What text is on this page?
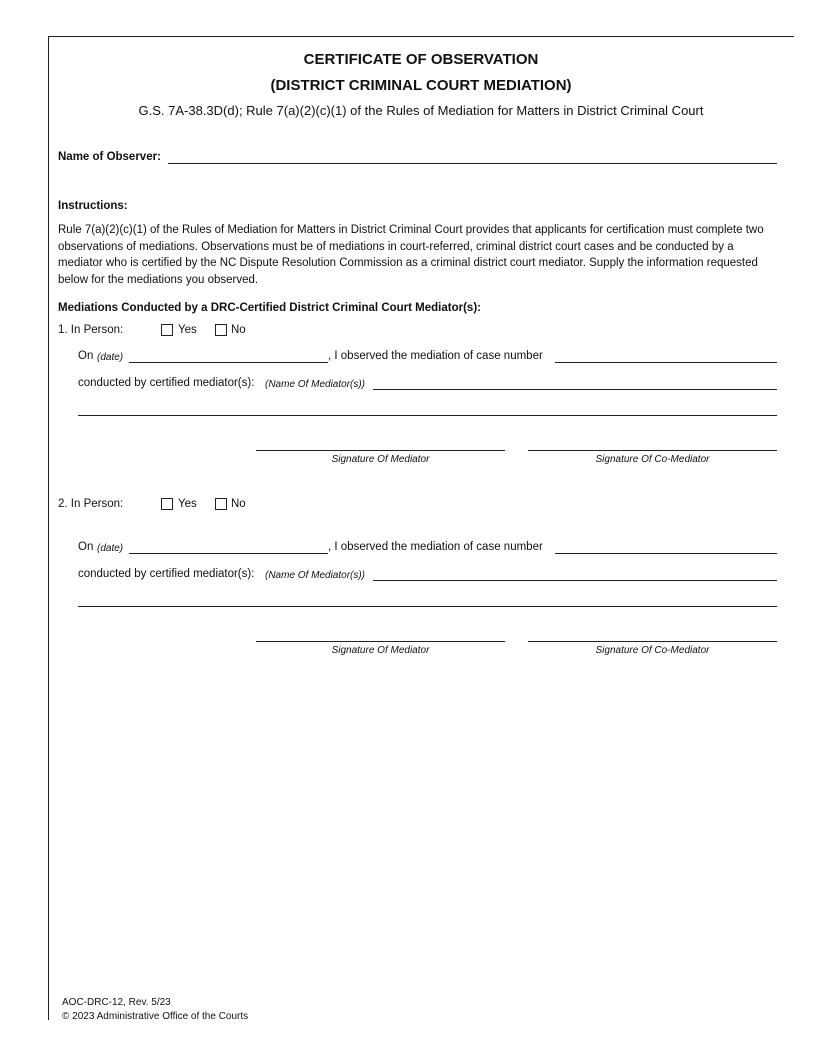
CERTIFICATE OF OBSERVATION
(DISTRICT CRIMINAL COURT MEDIATION)
G.S. 7A-38.3D(d); Rule 7(a)(2)(c)(1) of the Rules of Mediation for Matters in District Criminal Court
Name of Observer:
Instructions:
Rule 7(a)(2)(c)(1) of the Rules of Mediation for Matters in District Criminal Court provides that applicants for certification must complete two observations of mediations. Observations must be of mediations in court-referred, criminal district court cases and be conducted by a mediator who is certified by the NC Dispute Resolution Commission as a criminal district court mediator. Supply the information requested below for the mediations you observed.
Mediations Conducted by a DRC-Certified District Criminal Court Mediator(s):
1. In Person:	Yes	No
On (date)	, I observed the mediation of case number
conducted by certified mediator(s): (Name Of Mediator(s))
Signature Of Mediator	Signature Of Co-Mediator
2. In Person:	Yes	No
On (date)	, I observed the mediation of case number
conducted by certified mediator(s): (Name Of Mediator(s))
Signature Of Mediator	Signature Of Co-Mediator
AOC-DRC-12, Rev. 5/23
© 2023 Administrative Office of the Courts
